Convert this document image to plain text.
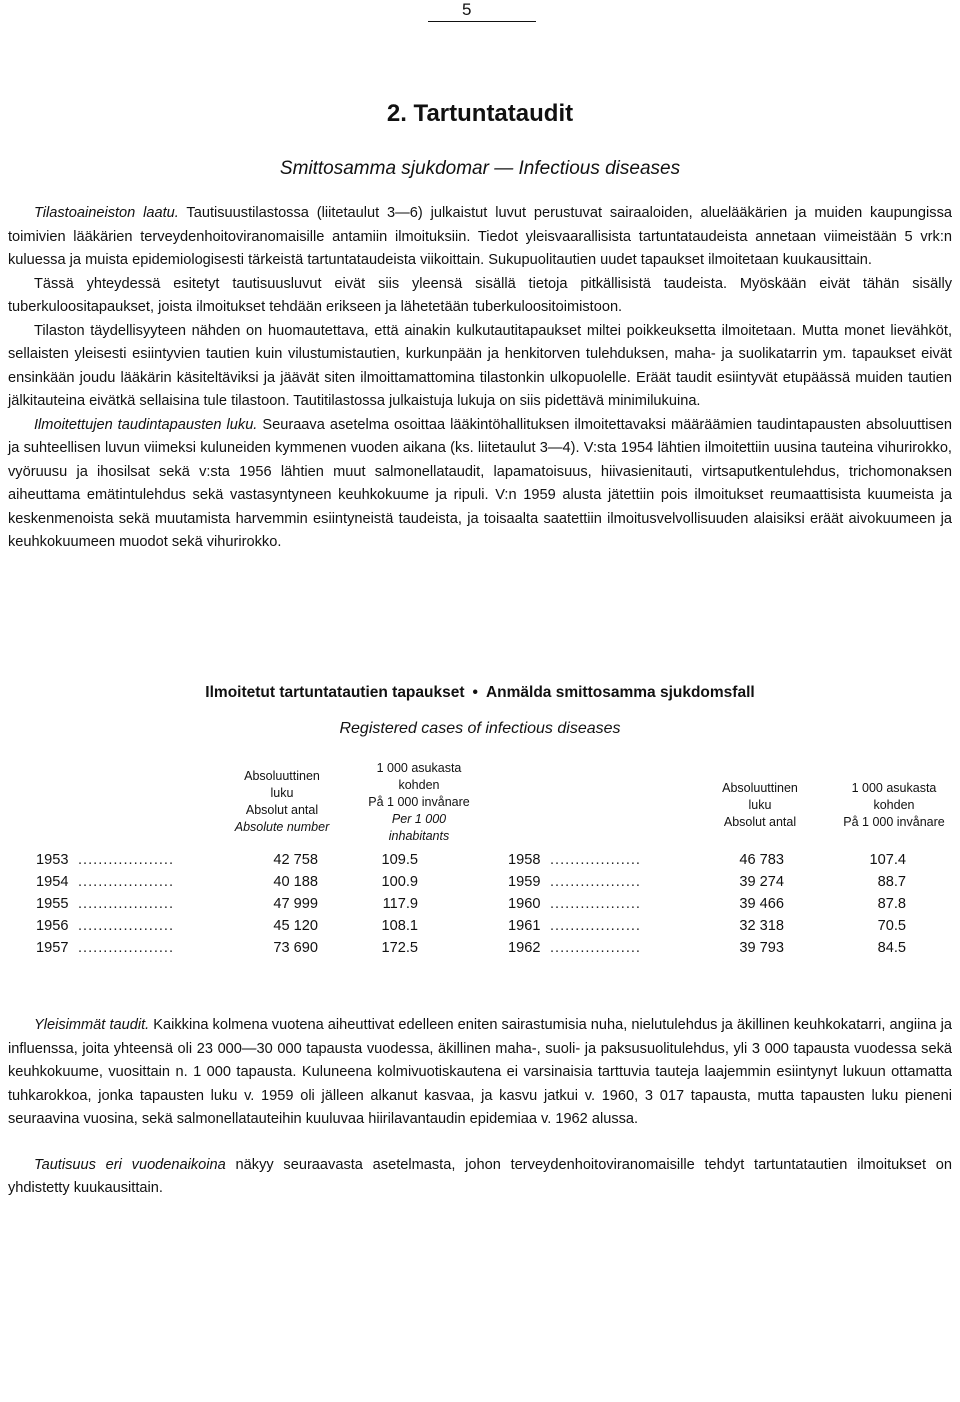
5
2. Tartuntataudit
Smittosamma sjukdomar — Infectious diseases

Tilastoaineiston laatu. Tautisuustilastossa (liitetaulut 3—6) julkaistut luvut perustuvat sairaaloiden, aluelääkärien ja muiden kaupungissa toimivien lääkärien terveydenhoitoviranomaisille antamiin ilmoituksiin. Tiedot yleisvaarallisista tartuntataudeista annetaan viimeistään 5 vrk:n kuluessa ja muista epidemiologisesti tärkeistä tartuntataudeista viikoittain. Sukupuolitautien uudet tapaukset ilmoitetaan kuukausittain.

Tässä yhteydessä esitetyt tautisuusluvut eivät siis yleensä sisällä tietoja pitkällisistä taudeista. Myöskään eivät tähän sisälly tuberkuloositapaukset, joista ilmoitukset tehdään erikseen ja lähetetään tuberkuloositoimistoon.

Tilaston täydellisyyteen nähden on huomautettava, että ainakin kulkutautitapaukset miltei poikkeuksetta ilmoitetaan. Mutta monet lievähköt, sellaisten yleisesti esiintyvien tautien kuin vilustumistautien, kurkunpään ja henkitorven tulehduksen, maha- ja suolikatarrin ym. tapaukset eivät ensinkään joudu lääkärin käsiteltäviksi ja jäävät siten ilmoittamattomina tilastonkin ulkopuolelle. Eräät taudit esiintyvät etupäässä muiden tautien jälkitauteina eivätkä sellaisina tule tilastoon. Tautitilastossa julkaistuja lukuja on siis pidettävä minimilukuina.

Ilmoitettujen taudintapausten luku. Seuraava asetelma osoittaa lääkintöhallituksen ilmoitettavaksi määräämien taudintapausten absoluuttisen ja suhteellisen luvun viimeksi kuluneiden kymmenen vuoden aikana (ks. liitetaulut 3—4). V:sta 1954 lähtien ilmoitettiin uusina tauteina vihurirokko, vyöruusu ja ihosilsat sekä v:sta 1956 lähtien muut salmonellataudit, lapamatoisuus, hiivasienitauti, virtsaputkentulehdus, trichomonaksen aiheuttama emätintulehdus sekä vastasyntyneen keuhkokuume ja ripuli. V:n 1959 alusta jätettiin pois ilmoitukset reumaattisista kuumeista ja keskenmenoista sekä muutamista harvemmin esiintyneistä taudeista, ja toisaalta saatettiin ilmoitusvelvollisuuden alaisiksi eräät aivokuumeen ja keuhkokuumeen muodot sekä vihurirokko.

Ilmoitetut tartuntatautien tapaukset • Anmälda smittosamma sjukdomsfall
Registered cases of infectious diseases
Absoluuttinen
luku
Absolut antal
Absolute number
1 000 asukasta
kohden
På 1 000 invånare
Per 1 000
inhabitants
Absoluuttinen
luku
Absolut antal
1 000 asukasta
kohden
På 1 000 invånare
1953 ...................	42 758	109.5	1958 ..................	46 783	107.4
1954 ...................	40 188	100.9	1959 ..................	39 274	88.7
1955 ...................	47 999	117.9	1960 ..................	39 466	87.8
1956 ...................	45 120	108.1	1961 ..................	32 318	70.5
1957 ...................	73 690	172.5	1962 ..................	39 793	84.5

Yleisimmät taudit. Kaikkina kolmena vuotena aiheuttivat edelleen eniten sairastumisia nuha, nielutulehdus ja äkillinen keuhkokatarri, angiina ja influenssa, joita yhteensä oli 23 000—30 000 tapausta vuodessa, äkillinen maha-, suoli- ja paksusuolitulehdus, yli 3 000 tapausta vuodessa sekä keuhkokuume, vuosittain n. 1 000 tapausta. Kuluneena kolmivuotiskautena ei varsinaisia tarttuvia tauteja laajemmin esiintynyt lukuun ottamatta tuhkarokkoa, jonka tapausten luku v. 1959 oli jälleen alkanut kasvaa, ja kasvu jatkui v. 1960, 3 017 tapausta, mutta tapausten luku pieneni seuraavina vuosina, sekä salmonellatauteihin kuuluvaa hiirilavantaudin epidemiaa v. 1962 alussa.

Tautisuus eri vuodenaikoina näkyy seuraavasta asetelmasta, johon terveydenhoitoviranomaisille tehdyt tartuntatautien ilmoitukset on yhdistetty kuukausittain.
